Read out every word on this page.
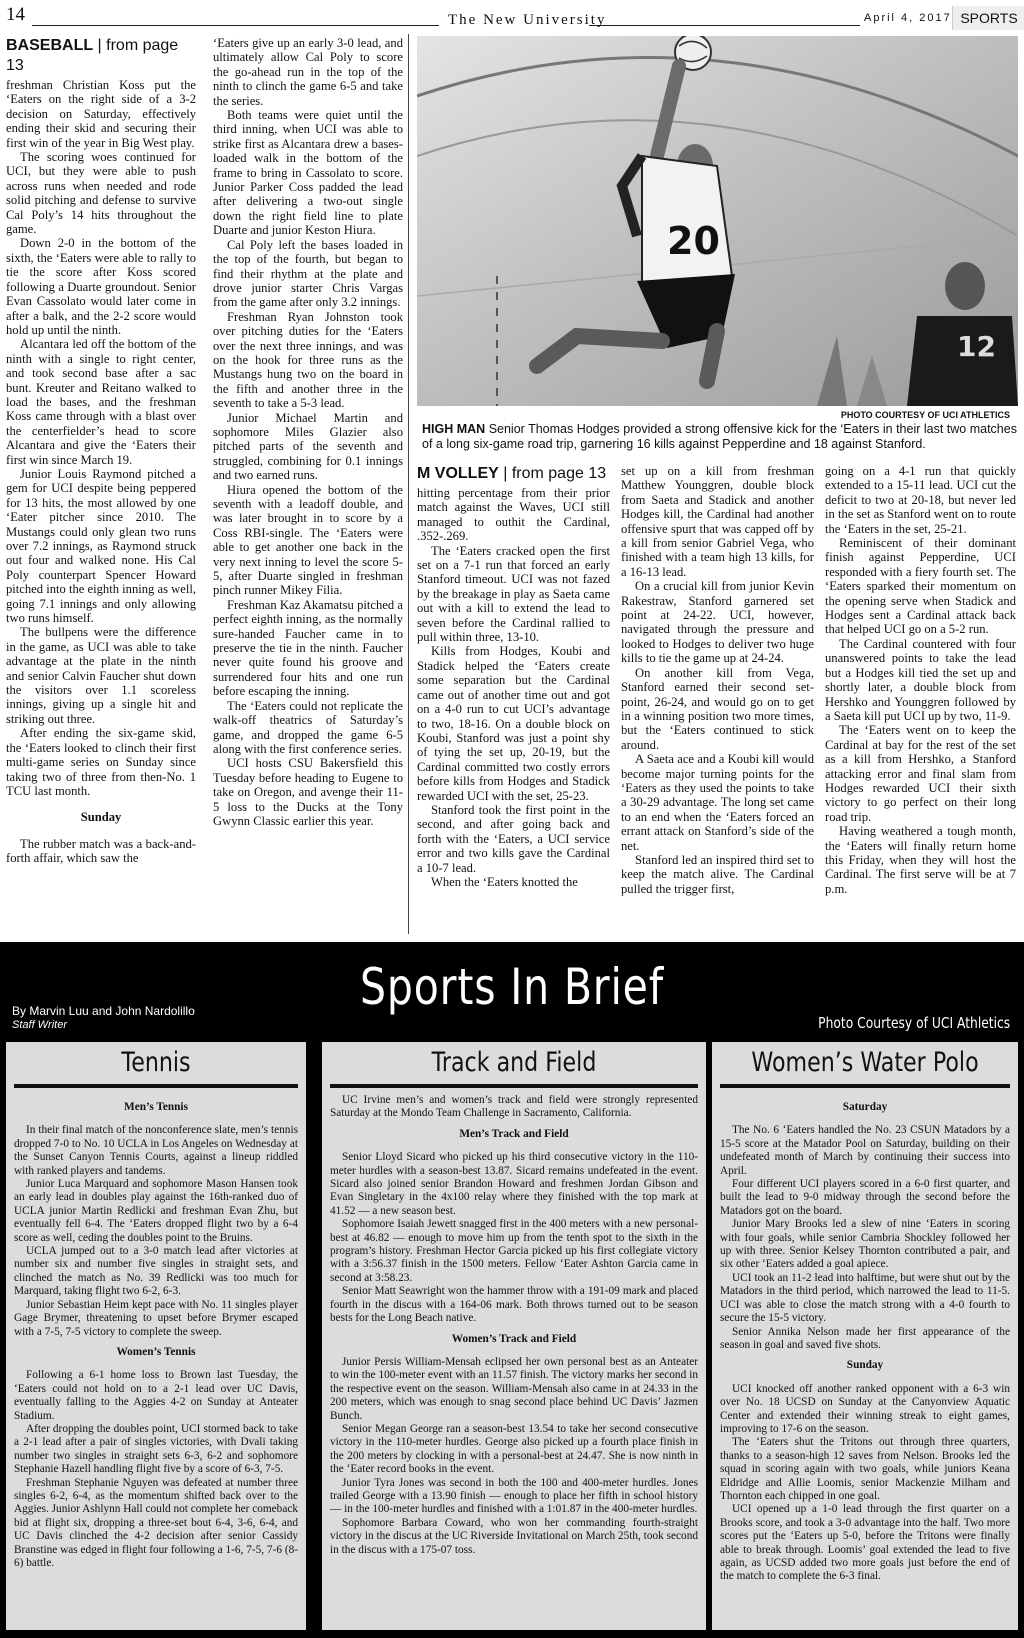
14	The New University	April 4, 2017 SPORTS
BASEBALL | from page 13

freshman Christian Koss put the ‘Eaters on the right side of a 3-2 decision on Saturday, effectively ending their skid and securing their first win of the year in Big West play.

The scoring woes continued for UCI, but they were able to push across runs when needed and rode solid pitching and defense to survive Cal Poly’s 14 hits throughout the game.

Down 2-0 in the bottom of the sixth, the ‘Eaters were able to rally to tie the score after Koss scored following a Duarte groundout. Senior Evan Cassolato would later come in after a balk, and the 2-2 score would hold up until the ninth.

Alcantara led off the bottom of the ninth with a single to right center, and took second base after a sac bunt. Kreuter and Reitano walked to load the bases, and the freshman Koss came through with a blast over the centerfielder’s head to score Alcantara and give the ‘Eaters their first win since March 19.

Junior Louis Raymond pitched a gem for UCI despite being peppered for 13 hits, the most allowed by one ‘Eater pitcher since 2010. The Mustangs could only glean two runs over 7.2 innings, as Raymond struck out four and walked none. His Cal Poly counterpart Spencer Howard pitched into the eighth inning as well, going 7.1 innings and only allowing two runs himself.

The bullpens were the difference in the game, as UCI was able to take advantage at the plate in the ninth and senior Calvin Faucher shut down the visitors over 1.1 scoreless innings, giving up a single hit and striking out three.

After ending the six-game skid, the ‘Eaters looked to clinch their first multi-game series on Sunday since taking two of three from then-No. 1 TCU last month.

Sunday

The rubber match was a back-and-forth affair, which saw the

‘Eaters give up an early 3-0 lead, and ultimately allow Cal Poly to score the go-ahead run in the top of the ninth to clinch the game 6-5 and take the series.

Both teams were quiet until the third inning, when UCI was able to strike first as Alcantara drew a bases-loaded walk in the bottom of the frame to bring in Cassolato to score. Junior Parker Coss padded the lead after delivering a two-out single down the right field line to plate Duarte and junior Keston Hiura.

Cal Poly left the bases loaded in the top of the fourth, but began to find their rhythm at the plate and drove junior starter Chris Vargas from the game after only 3.2 innings.

Freshman Ryan Johnston took over pitching duties for the ‘Eaters over the next three innings, and was on the hook for three runs as the Mustangs hung two on the board in the fifth and another three in the seventh to take a 5-3 lead.

Junior Michael Martin and sophomore Miles Glazier also pitched parts of the seventh and struggled, combining for 0.1 innings and two earned runs.

Hiura opened the bottom of the seventh with a leadoff double, and was later brought in to score by a Coss RBI-single. The ‘Eaters were able to get another one back in the very next inning to level the score 5-5, after Duarte singled in freshman pinch runner Mikey Filia.

Freshman Kaz Akamatsu pitched a perfect eighth inning, as the normally sure-handed Faucher came in to preserve the tie in the ninth. Faucher never quite found his groove and surrendered four hits and one run before escaping the inning.

The ‘Eaters could not replicate the walk-off theatrics of Saturday’s game, and dropped the game 6-5 along with the first conference series.

UCI hosts CSU Bakersfield this Tuesday before heading to Eugene to take on Oregon, and avenge their 11-5 loss to the Ducks at the Tony Gwynn Classic earlier this year.

20
12
PHOTO COURTESY OF UCI ATHLETICS
HIGH MAN Senior Thomas Hodges provided a strong offensive kick for the ‘Eaters in their last two matches of a long six-game road trip, garnering 16 kills against Pepperdine and 18 against Stanford.
M VOLLEY | from page 13

hitting percentage from their prior match against the Waves, UCI still managed to outhit the Cardinal, .352-.269.

The ‘Eaters cracked open the first set on a 7-1 run that forced an early Stanford timeout. UCI was not fazed by the breakage in play as Saeta came out with a kill to extend the lead to seven before the Cardinal rallied to pull within three, 13-10.

Kills from Hodges, Koubi and Stadick helped the ‘Eaters create some separation but the Cardinal came out of another time out and got on a 4-0 run to cut UCI’s advantage to two, 18-16. On a double block on Koubi, Stanford was just a point shy of tying the set up, 20-19, but the Cardinal committed two costly errors before kills from Hodges and Stadick rewarded UCI with the set, 25-23.

Stanford took the first point in the second, and after going back and forth with the ‘Eaters, a UCI service error and two kills gave the Cardinal a 10-7 lead.

When the ‘Eaters knotted the

set up on a kill from freshman Matthew Younggren, double block from Saeta and Stadick and another Hodges kill, the Cardinal had another offensive spurt that was capped off by a kill from senior Gabriel Vega, who finished with a team high 13 kills, for a 16-13 lead.

On a crucial kill from junior Kevin Rakestraw, Stanford garnered set point at 24-22. UCI, however, navigated through the pressure and looked to Hodges to deliver two huge kills to tie the game up at 24-24.

On another kill from Vega, Stanford earned their second set-point, 26-24, and would go on to get in a winning position two more times, but the ‘Eaters continued to stick around.

A Saeta ace and a Koubi kill would become major turning points for the ‘Eaters as they used the points to take a 30-29 advantage. The long set came to an end when the ‘Eaters forced an errant attack on Stanford’s side of the net.

Stanford led an inspired third set to keep the match alive. The Cardinal pulled the trigger first,

going on a 4-1 run that quickly extended to a 15-11 lead. UCI cut the deficit to two at 20-18, but never led in the set as Stanford went on to route the ‘Eaters in the set, 25-21.

Reminiscent of their dominant finish against Pepperdine, UCI responded with a fiery fourth set. The ‘Eaters sparked their momentum on the opening serve when Stadick and Hodges sent a Cardinal attack back that helped UCI go on a 5-2 run.

The Cardinal countered with four unanswered points to take the lead but a Hodges kill tied the set up and shortly later, a double block from Hershko and Younggren followed by a Saeta kill put UCI up by two, 11-9.

The ‘Eaters went on to keep the Cardinal at bay for the rest of the set as a kill from Hershko, a Stanford attacking error and final slam from Hodges rewarded UCI their sixth victory to go perfect on their long road trip.

Having weathered a tough month, the ‘Eaters will finally return home this Friday, when they will host the Cardinal. The first serve will be at 7 p.m.

Sports In Brief
By Marvin Luu and John Nardolillo
Staff Writer	Photo Courtesy of UCI Athletics
Tennis
Men’s Tennis

In their final match of the nonconference slate, men’s tennis dropped 7-0 to No. 10 UCLA in Los Angeles on Wednesday at the Sunset Canyon Tennis Courts, against a lineup riddled with ranked players and tandems.

Junior Luca Marquard and sophomore Mason Hansen took an early lead in doubles play against the 16th-ranked duo of UCLA junior Martin Redlicki and freshman Evan Zhu, but eventually fell 6-4. The ‘Eaters dropped flight two by a 6-4 score as well, ceding the doubles point to the Bruins.

UCLA jumped out to a 3-0 match lead after victories at number six and number five singles in straight sets, and clinched the match as No. 39 Redlicki was too much for Marquard, taking flight two 6-2, 6-3.

Junior Sebastian Heim kept pace with No. 11 singles player Gage Brymer, threatening to upset before Brymer escaped with a 7-5, 7-5 victory to complete the sweep.

Women’s Tennis

Following a 6-1 home loss to Brown last Tuesday, the ‘Eaters could not hold on to a 2-1 lead over UC Davis, eventually falling to the Aggies 4-2 on Sunday at Anteater Stadium.

After dropping the doubles point, UCI stormed back to take a 2-1 lead after a pair of singles victories, with Dvali taking number two singles in straight sets 6-3, 6-2 and sophomore Stephanie Hazell handling flight five by a score of 6-3, 7-5.

Freshman Stephanie Nguyen was defeated at number three singles 6-2, 6-4, as the momentum shifted back over to the Aggies. Junior Ashlynn Hall could not complete her comeback bid at flight six, dropping a three-set bout 6-4, 3-6, 6-4, and UC Davis clinched the 4-2 decision after senior Cassidy Branstine was edged in flight four following a 1-6, 7-5, 7-6 (8-6) battle.

Track and Field

UC Irvine men’s and women’s track and field were strongly represented Saturday at the Mondo Team Challenge in Sacramento, California.

Men’s Track and Field

Senior Lloyd Sicard who picked up his third consecutive victory in the 110-meter hurdles with a season-best 13.87. Sicard remains undefeated in the event. Sicard also joined senior Brandon Howard and freshmen Jordan Gibson and Evan Singletary in the 4x100 relay where they finished with the top mark at 41.52 — a new season best.

Sophomore Isaiah Jewett snagged first in the 400 meters with a new personal-best at 46.82 — enough to move him up from the tenth spot to the sixth in the program’s history. Freshman Hector Garcia picked up his first collegiate victory with a 3:56.37 finish in the 1500 meters. Fellow ‘Eater Ashton Garcia came in second at 3:58.23.

Senior Matt Seawright won the hammer throw with a 191-09 mark and placed fourth in the discus with a 164-06 mark. Both throws turned out to be season bests for the Long Beach native.

Women’s Track and Field

Junior Persis William-Mensah eclipsed her own personal best as an Anteater to win the 100-meter event with an 11.57 finish. The victory marks her second in the respective event on the season. William-Mensah also came in at 24.33 in the 200 meters, which was enough to snag second place behind UC Davis’ Jazmen Bunch.

Senior Megan George ran a season-best 13.54 to take her second consecutive victory in the 110-meter hurdles. George also picked up a fourth place finish in the 200 meters by clocking in with a personal-best at 24.47. She is now ninth in the ‘Eater record books in the event.

Junior Tyra Jones was second in both the 100 and 400-meter hurdles. Jones trailed George with a 13.90 finish — enough to place her fifth in school history — in the 100-meter hurdles and finished with a 1:01.87 in the 400-meter hurdles.

Sophomore Barbara Coward, who won her commanding fourth-straight victory in the discus at the UC Riverside Invitational on March 25th, took second in the discus with a 175-07 toss.

Women’s Water Polo
Saturday

The No. 6 ‘Eaters handled the No. 23 CSUN Matadors by a 15-5 score at the Matador Pool on Saturday, building on their undefeated month of March by continuing their success into April.

Four different UCI players scored in a 6-0 first quarter, and built the lead to 9-0 midway through the second before the Matadors got on the board.

Junior Mary Brooks led a slew of nine ‘Eaters in scoring with four goals, while senior Cambria Shockley followed her up with three. Senior Kelsey Thornton contributed a pair, and six other ‘Eaters added a goal apiece.

UCI took an 11-2 lead into halftime, but were shut out by the Matadors in the third period, which narrowed the lead to 11-5. UCI was able to close the match strong with a 4-0 fourth to secure the 15-5 victory.

Senior Annika Nelson made her first appearance of the season in goal and saved five shots.

Sunday

UCI knocked off another ranked opponent with a 6-3 win over No. 18 UCSD on Sunday at the Canyonview Aquatic Center and extended their winning streak to eight games, improving to 17-6 on the season.

The ‘Eaters shut the Tritons out through three quarters, thanks to a season-high 12 saves from Nelson. Brooks led the squad in scoring again with two goals, while juniors Keana Eldridge and Allie Loomis, senior Mackenzie Milham and Thornton each chipped in one goal.

UCI opened up a 1-0 lead through the first quarter on a Brooks score, and took a 3-0 advantage into the half. Two more scores put the ‘Eaters up 5-0, before the Tritons were finally able to break through. Loomis’ goal extended the lead to five again, as UCSD added two more goals just before the end of the match to complete the 6-3 final.
